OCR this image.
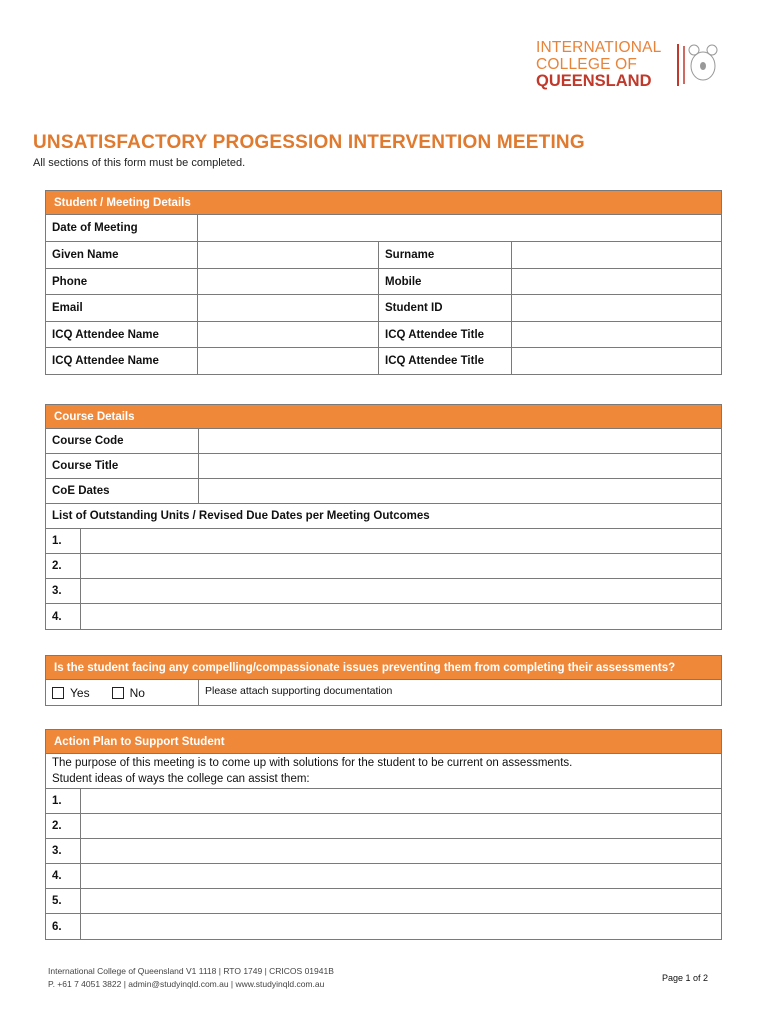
INTERNATIONAL
COLLEGE OF
QUEENSLAND
UNSATISFACTORY PROGESSION INTERVENTION MEETING
All sections of this form must be completed.
Student / Meeting Details
Date of Meeting
Given Name	Surname
Phone	Mobile
Email	Student ID
ICQ Attendee Name	ICQ Attendee Title
ICQ Attendee Name	ICQ Attendee Title
Course Details
Course Code
Course Title
CoE Dates
List of Outstanding Units / Revised Due Dates per Meeting Outcomes
1.
2.
3.
4.
Is the student facing any compelling/compassionate issues preventing them from completing their assessments?
Yes	No	Please attach supporting documentation
Action Plan to Support Student
The purpose of this meeting is to come up with solutions for the student to be current on assessments.
Student ideas of ways the college can assist them:
1.
2.
3.
4.
5.
6.
International College of Queensland V1 1118 | RTO 1749 | CRICOS 01941B
P. +61 7 4051 3822 | admin@studyinqld.com.au | www.studyinqld.com.au
Page 1 of 2
